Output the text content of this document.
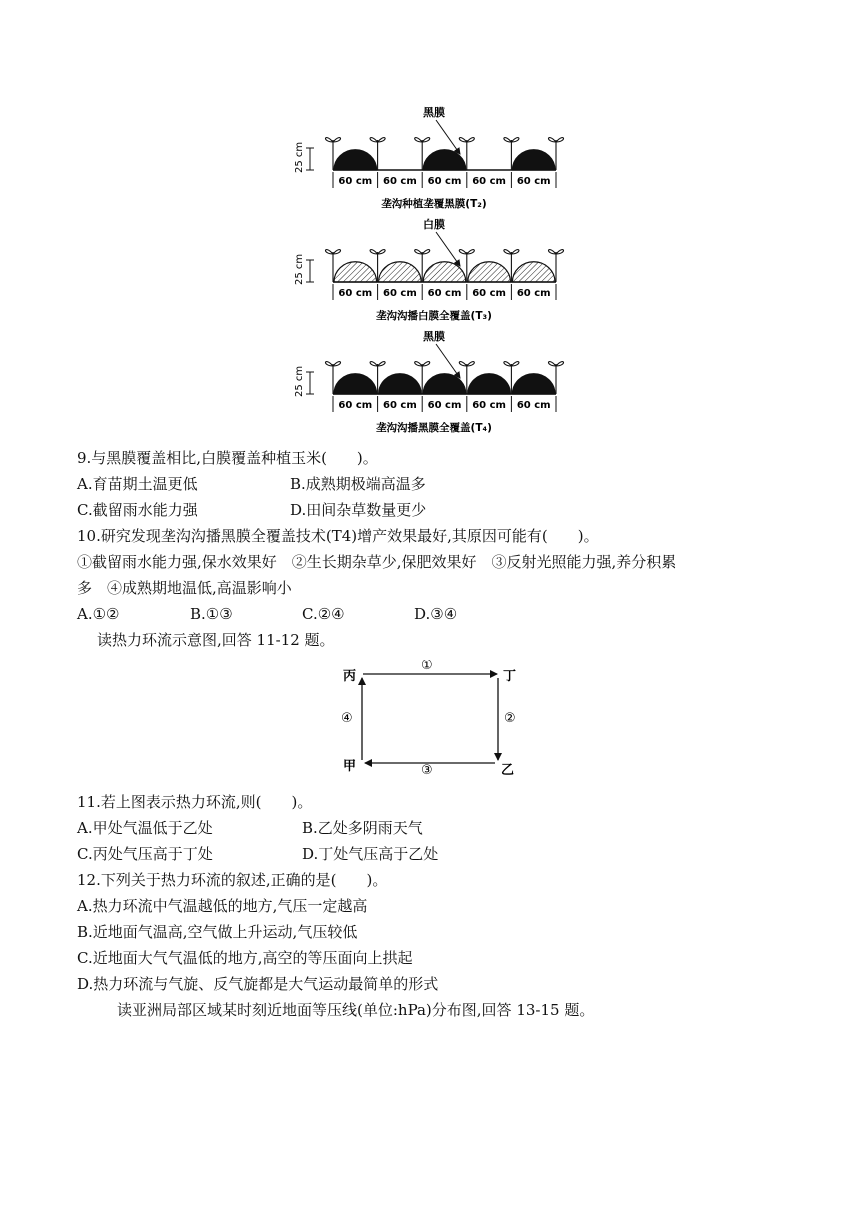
25 cm
60 cm 60 cm 60 cm 60 cm 60 cm
黑膜
垄沟种植垄覆黑膜(T₂)
25 cm
60 cm 60 cm 60 cm 60 cm 60 cm
白膜
垄沟沟播白膜全覆盖(T₃)
25 cm
60 cm 60 cm 60 cm 60 cm 60 cm
黑膜
垄沟沟播黑膜全覆盖(T₄)
9.与黑膜覆盖相比,白膜覆盖种植玉米(　　)。
A.育苗期土温更低	B.成熟期极端高温多
C.截留雨水能力强	D.田间杂草数量更少
10.研究发现垄沟沟播黑膜全覆盖技术(T4)增产效果最好,其原因可能有(　　)。
①截留雨水能力强,保水效果好　②生长期杂草少,保肥效果好　③反射光照能力强,养分积累
多　④成熟期地温低,高温影响小
A.①②	B.①③	C.②④	D.③④
读热力环流示意图,回答 11-12 题。
丙	丁
甲	乙
①
②
③
④
11.若上图表示热力环流,则(　　)。
A.甲处气温低于乙处	B.乙处多阴雨天气
C.丙处气压高于丁处	D.丁处气压高于乙处
12.下列关于热力环流的叙述,正确的是(　　)。
A.热力环流中气温越低的地方,气压一定越高
B.近地面气温高,空气做上升运动,气压较低
C.近地面大气气温低的地方,高空的等压面向上拱起
D.热力环流与气旋、反气旋都是大气运动最简单的形式
读亚洲局部区域某时刻近地面等压线(单位:hPa)分布图,回答 13-15 题。
